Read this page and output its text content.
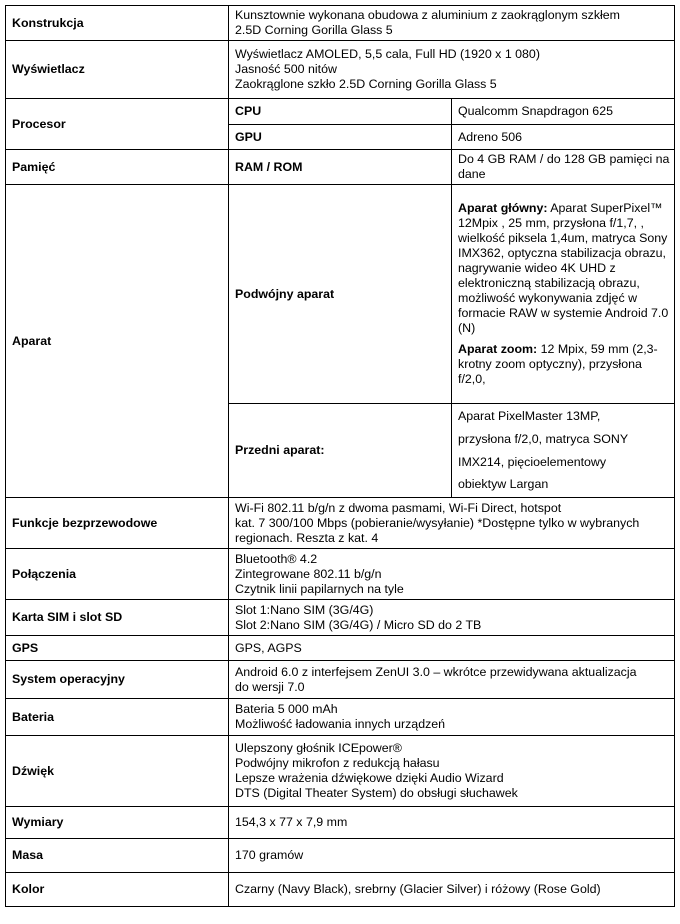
Konstrukcja	Kunsztownie wykonana obudowa z aluminium z zaokrąglonym szkłem
2.5D Corning Gorilla Glass 5	

Wyświetlacz	Wyświetlacz AMOLED, 5,5 cala, Full HD (1920 x 1 080)
Jasność 500 nitów
Zaokrąglone szkło 2.5D Corning Gorilla Glass 5	

Procesor	CPU	Qualcomm Snapdragon 625
	GPU	Adreno 506
Pamięć	RAM / ROM	Do 4 GB RAM / do 128 GB pamięci na dane

Aparat	Podwójny aparat	Aparat główny: Aparat SuperPixel™ 12Mpix , 25 mm, przysłona f/1,7, , wielkość piksela 1,4um, matryca Sony IMX362, optyczna stabilizacja obrazu, nagrywanie wideo 4K UHD z elektroniczną stabilizacją obrazu, możliwość wykonywania zdjęć w formacie RAW w systemie Android 7.0 (N)
Aparat zoom: 12 Mpix, 59 mm (2,3-krotny zoom optyczny), przysłona f/2,0,

	Przedni aparat:	Aparat PixelMaster 13MP,
przysłona f/2,0, matryca SONY
IMX214, pięcioelementowy
obiektyw Largan

Funkcje bezprzewodowe	Wi-Fi 802.11 b/g/n z dwoma pasmami, Wi-Fi Direct, hotspot
kat. 7 300/100 Mbps (pobieranie/wysyłanie) *Dostępne tylko w wybranych
regionach. Reszta z kat. 4	

Połączenia	Bluetooth® 4.2
Zintegrowane 802.11 b/g/n
Czytnik linii papilarnych na tyle	

Karta SIM i slot SD	Slot 1:Nano SIM (3G/4G)
Slot 2:Nano SIM (3G/4G) / Micro SD do 2 TB	

GPS	GPS, AGPS	
System operacyjny	Android 6.0 z interfejsem ZenUI 3.0 – wkrótce przewidywana aktualizacja
do wersji 7.0	

Bateria	Bateria 5 000 mAh
Możliwość ładowania innych urządzeń	

Dźwięk	Ulepszony głośnik ICEpower®
Podwójny mikrofon z redukcją hałasu
Lepsze wrażenia dźwiękowe dzięki Audio Wizard
DTS (Digital Theater System) do obsługi słuchawek	

Wymiary	154,3 x 77 x 7,9 mm	
Masa	170 gramów	
Kolor	Czarny (Navy Black), srebrny (Glacier Silver) i różowy (Rose Gold)	
